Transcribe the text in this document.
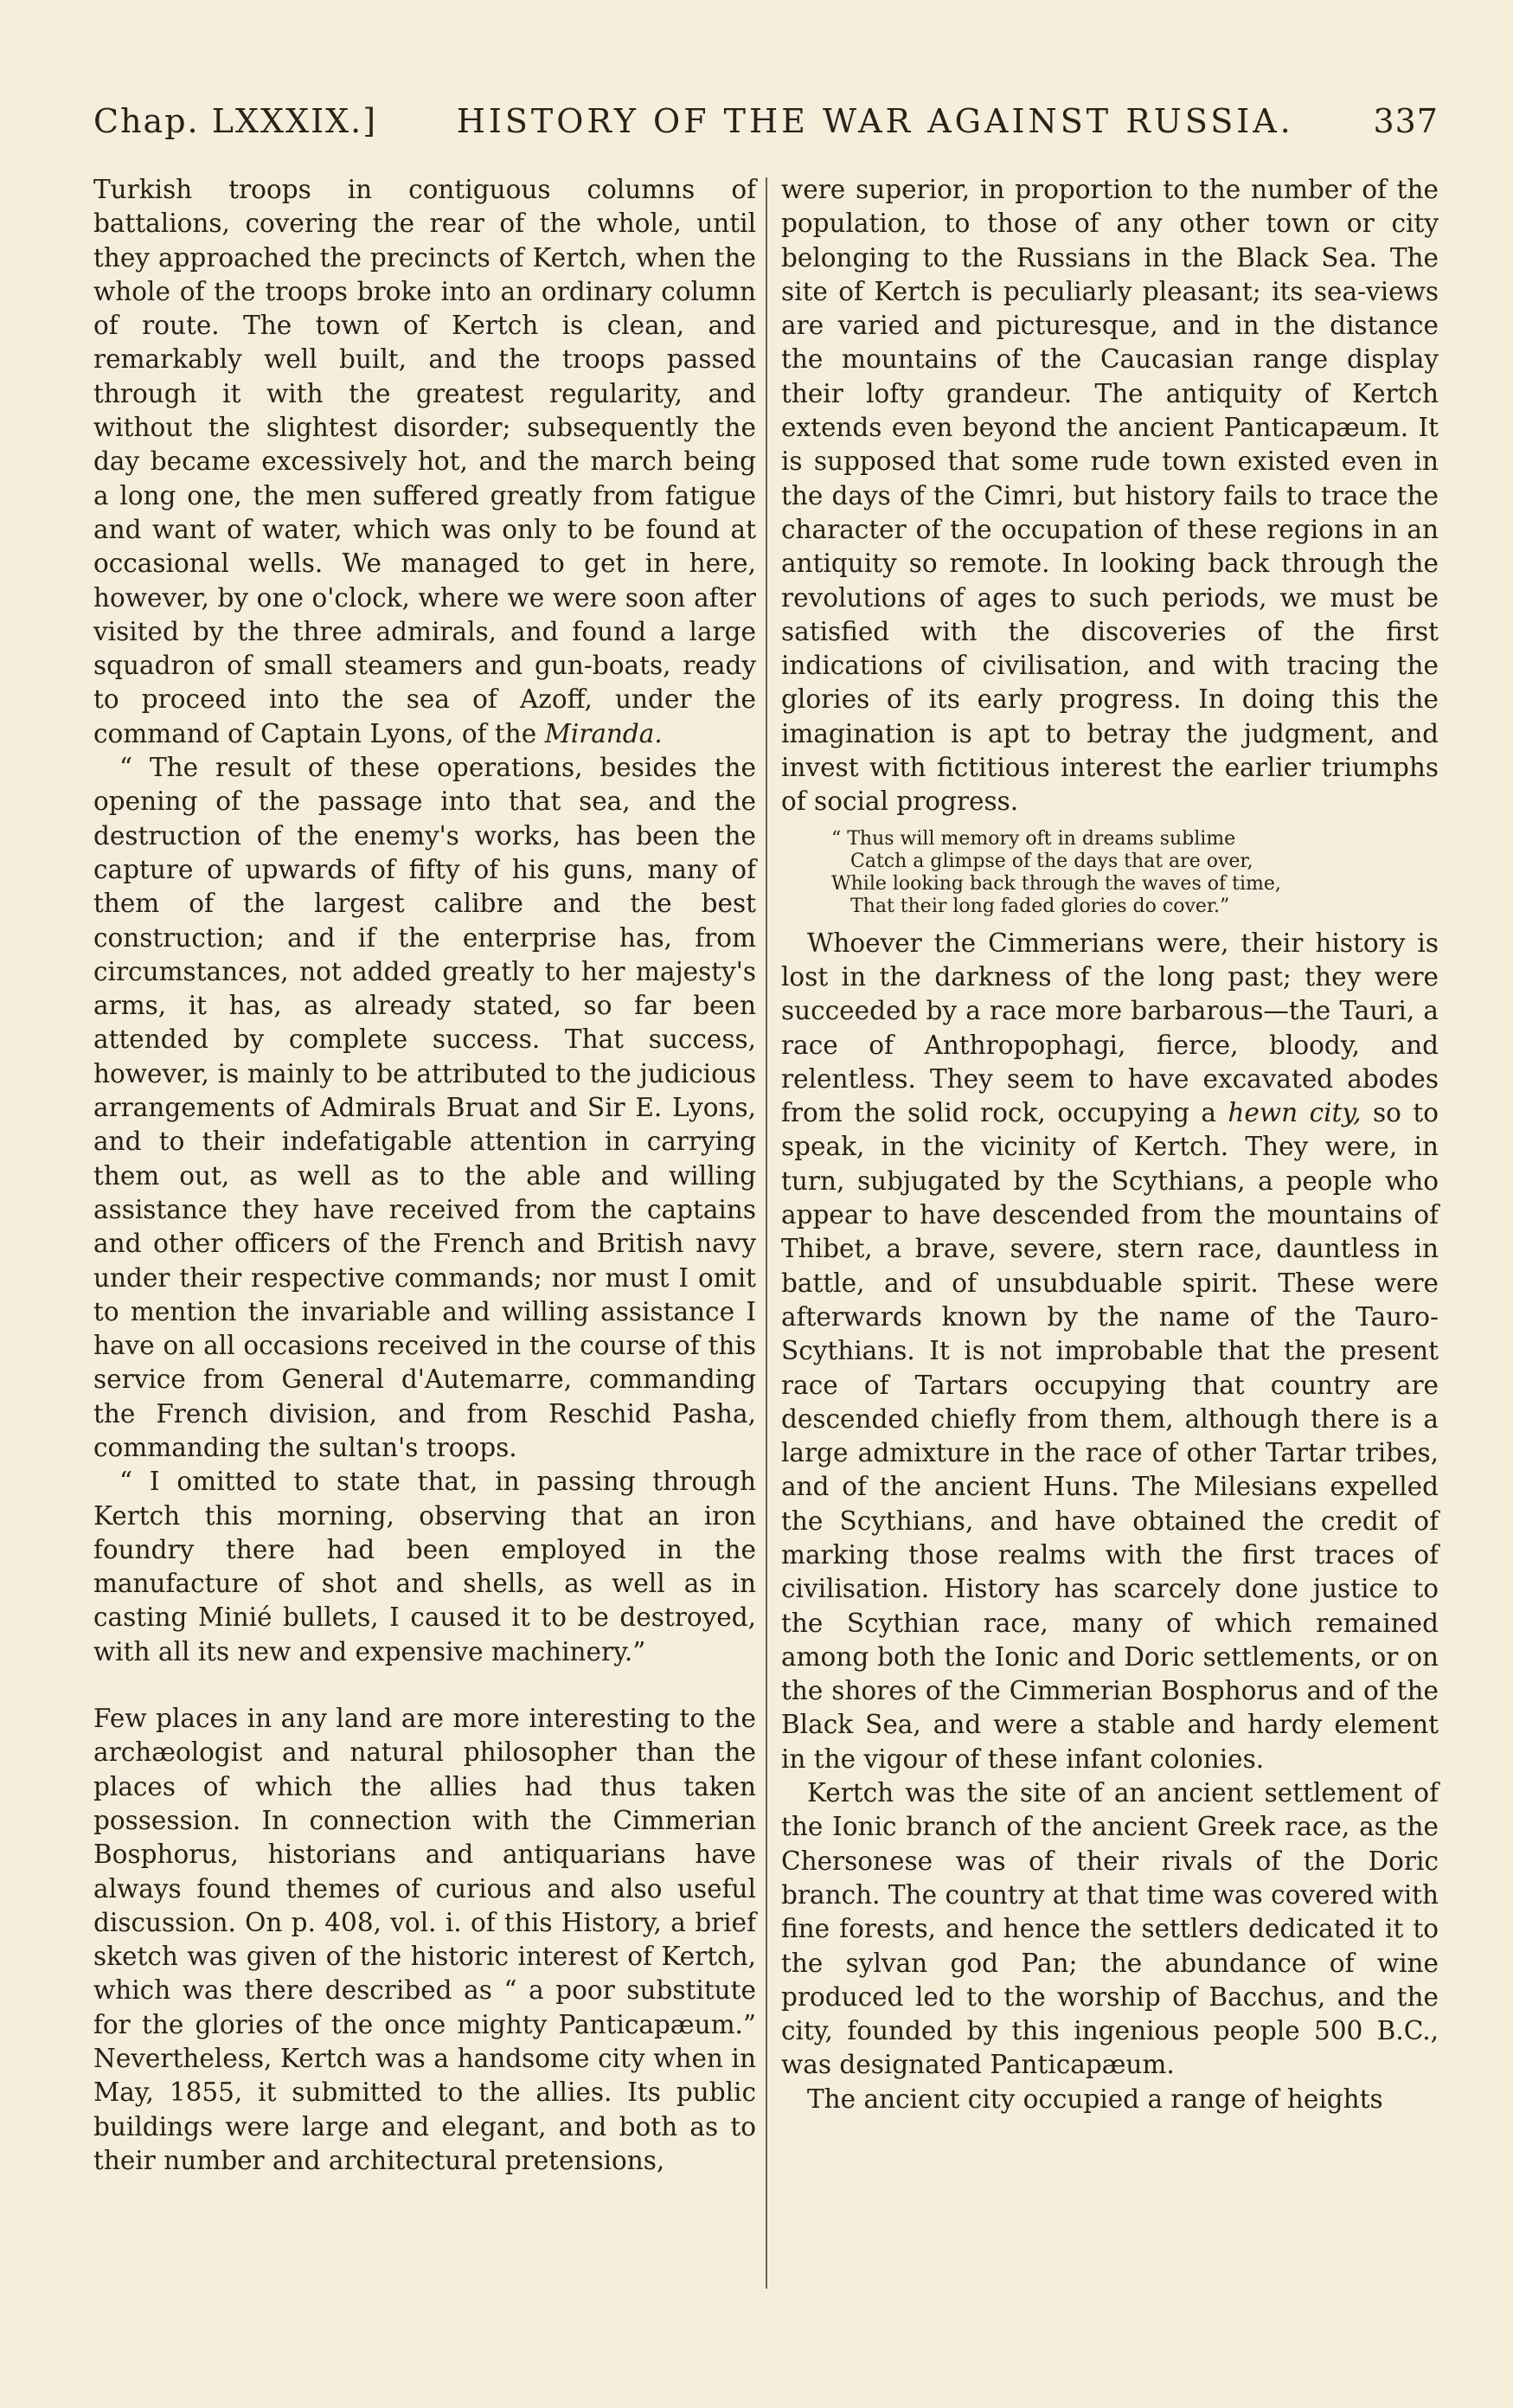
Chap. LXXXIX.] HISTORY OF THE WAR AGAINST RUSSIA. 337

Turkish troops in contiguous columns of battalions, covering the rear of the whole, until they approached the precincts of Kertch, when the whole of the troops broke into an ordinary column of route. The town of Kertch is clean, and remarkably well built, and the troops passed through it with the greatest regularity, and without the slightest disorder; subsequently the day became excessively hot, and the march being a long one, the men suffered greatly from fatigue and want of water, which was only to be found at occasional wells. We managed to get in here, however, by one o'clock, where we were soon after visited by the three admirals, and found a large squadron of small steamers and gun-boats, ready to proceed into the sea of Azoff, under the command of Captain Lyons, of the Miranda.

“ The result of these operations, besides the opening of the passage into that sea, and the destruction of the enemy's works, has been the capture of upwards of fifty of his guns, many of them of the largest calibre and the best construction; and if the enterprise has, from circumstances, not added greatly to her majesty's arms, it has, as already stated, so far been attended by complete success. That success, however, is mainly to be attributed to the judicious arrangements of Admirals Bruat and Sir E. Lyons, and to their indefatigable attention in carrying them out, as well as to the able and willing assistance they have received from the captains and other officers of the French and British navy under their respective commands; nor must I omit to mention the invariable and willing assistance I have on all occasions received in the course of this service from General d'Autemarre, commanding the French division, and from Reschid Pasha, commanding the sultan's troops.

“ I omitted to state that, in passing through Kertch this morning, observing that an iron foundry there had been employed in the manufacture of shot and shells, as well as in casting Minié bullets, I caused it to be destroyed, with all its new and expensive machinery.”

Few places in any land are more interesting to the archæologist and natural philosopher than the places of which the allies had thus taken possession. In connection with the Cimmerian Bosphorus, historians and antiquarians have always found themes of curious and also useful discussion. On p. 408, vol. i. of this History, a brief sketch was given of the historic interest of Kertch, which was there described as “ a poor substitute for the glories of the once mighty Panticapæum.” Nevertheless, Kertch was a handsome city when in May, 1855, it submitted to the allies. Its public buildings were large and elegant, and both as to their number and architectural pretensions,

were superior, in proportion to the number of the population, to those of any other town or city belonging to the Russians in the Black Sea. The site of Kertch is peculiarly pleasant; its sea-views are varied and picturesque, and in the distance the mountains of the Caucasian range display their lofty grandeur. The antiquity of Kertch extends even beyond the ancient Panticapæum. It is supposed that some rude town existed even in the days of the Cimri, but history fails to trace the character of the occupation of these regions in an antiquity so remote. In looking back through the revolutions of ages to such periods, we must be satisfied with the discoveries of the first indications of civilisation, and with tracing the glories of its early progress. In doing this the imagination is apt to betray the judgment, and invest with fictitious interest the earlier triumphs of social progress.

“ Thus will memory oft in dreams sublime
Catch a glimpse of the days that are over,
While looking back through the waves of time,
That their long faded glories do cover.”

Whoever the Cimmerians were, their history is lost in the darkness of the long past; they were succeeded by a race more barbarous—the Tauri, a race of Anthropophagi, fierce, bloody, and relentless. They seem to have excavated abodes from the solid rock, occupying a hewn city, so to speak, in the vicinity of Kertch. They were, in turn, subjugated by the Scythians, a people who appear to have descended from the mountains of Thibet, a brave, severe, stern race, dauntless in battle, and of unsubduable spirit. These were afterwards known by the name of the Tauro-Scythians. It is not improbable that the present race of Tartars occupying that country are descended chiefly from them, although there is a large admixture in the race of other Tartar tribes, and of the ancient Huns. The Milesians expelled the Scythians, and have obtained the credit of marking those realms with the first traces of civilisation. History has scarcely done justice to the Scythian race, many of which remained among both the Ionic and Doric settlements, or on the shores of the Cimmerian Bosphorus and of the Black Sea, and were a stable and hardy element in the vigour of these infant colonies.

Kertch was the site of an ancient settlement of the Ionic branch of the ancient Greek race, as the Chersonese was of their rivals of the Doric branch. The country at that time was covered with fine forests, and hence the settlers dedicated it to the sylvan god Pan; the abundance of wine produced led to the worship of Bacchus, and the city, founded by this ingenious people 500 B.C., was designated Panticapæum.

The ancient city occupied a range of heights
